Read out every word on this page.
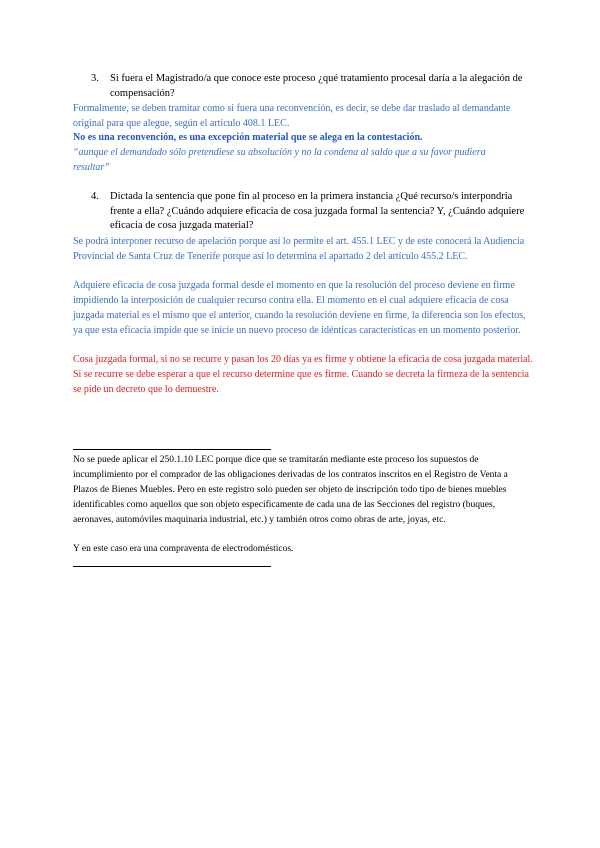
3. Si fuera el Magistrado/a que conoce este proceso ¿qué tratamiento procesal daría a la alegación de compensación?
Formalmente, se deben tramitar como si fuera una reconvención, es decir, se debe dar traslado al demandante original para que alegue, según el artículo 408.1 LEC.
No es una reconvención, es una excepción material que se alega en la contestación.
“aunque el demandado sólo pretendiese su absolución y no la condena al saldo que a su favor pudiera resultar”
4. Dictada la sentencia que pone fin al proceso en la primera instancia ¿Qué recurso/s interpondría frente a ella? ¿Cuándo adquiere eficacia de cosa juzgada formal la sentencia? Y, ¿Cuándo adquiere eficacia de cosa juzgada material?
Se podrá interponer recurso de apelación porque así lo permite el art. 455.1 LEC y de este conocerá la Audiencia Provincial de Santa Cruz de Tenerife porque así lo determina el apartado 2 del artículo 455.2 LEC.
Adquiere eficacia de cosa juzgada formal desde el momento en que la resolución del proceso deviene en firme impidiendo la interposición de cualquier recurso contra ella. El momento en el cual adquiere eficacia de cosa juzgada material es el mismo que el anterior, cuando la resolución deviene en firme, la diferencia son los efectos, ya que esta eficacia impide que se inicie un nuevo proceso de idénticas características en un momento posterior.
Cosa juzgada formal, si no se recurre y pasan los 20 días ya es firme y obtiene la eficacia de cosa juzgada material. Si se recurre se debe esperar a que el recurso determine que es firme. Cuando se decreta la firmeza de la sentencia se pide un decreto que lo demuestre.
No se puede aplicar el 250.1.10 LEC porque dice que se tramitarán mediante este proceso los supuestos de incumplimiento por el comprador de las obligaciones derivadas de los contratos inscritos en el Registro de Venta a Plazos de Bienes Muebles. Pero en este registro solo pueden ser objeto de inscripción todo tipo de bienes muebles identificables como aquellos que son objeto específicamente de cada una de las Secciones del registro (buques, aeronaves, automóviles maquinaria industrial, etc.) y también otros como obras de arte, joyas, etc.
Y en este caso era una compraventa de electrodomésticos.
